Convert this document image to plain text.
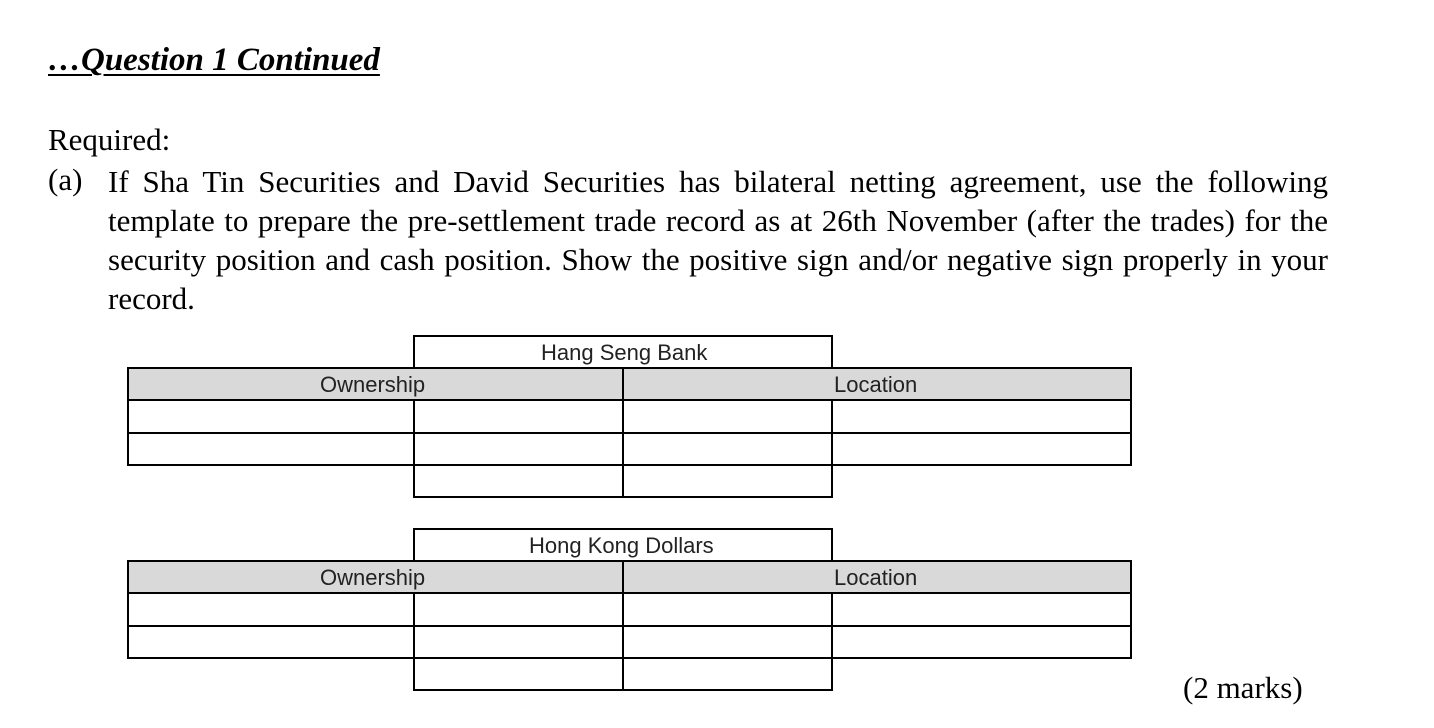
…Question 1 Continued
Required:
(a) If Sha Tin Securities and David Securities has bilateral netting agreement, use the following template to prepare the pre-settlement trade record as at 26th November (after the trades) for the security position and cash position. Show the positive sign and/or negative sign properly in your record.
Hang Seng Bank
Ownership	Location
Hong Kong Dollars
Ownership	Location
(2 marks)
